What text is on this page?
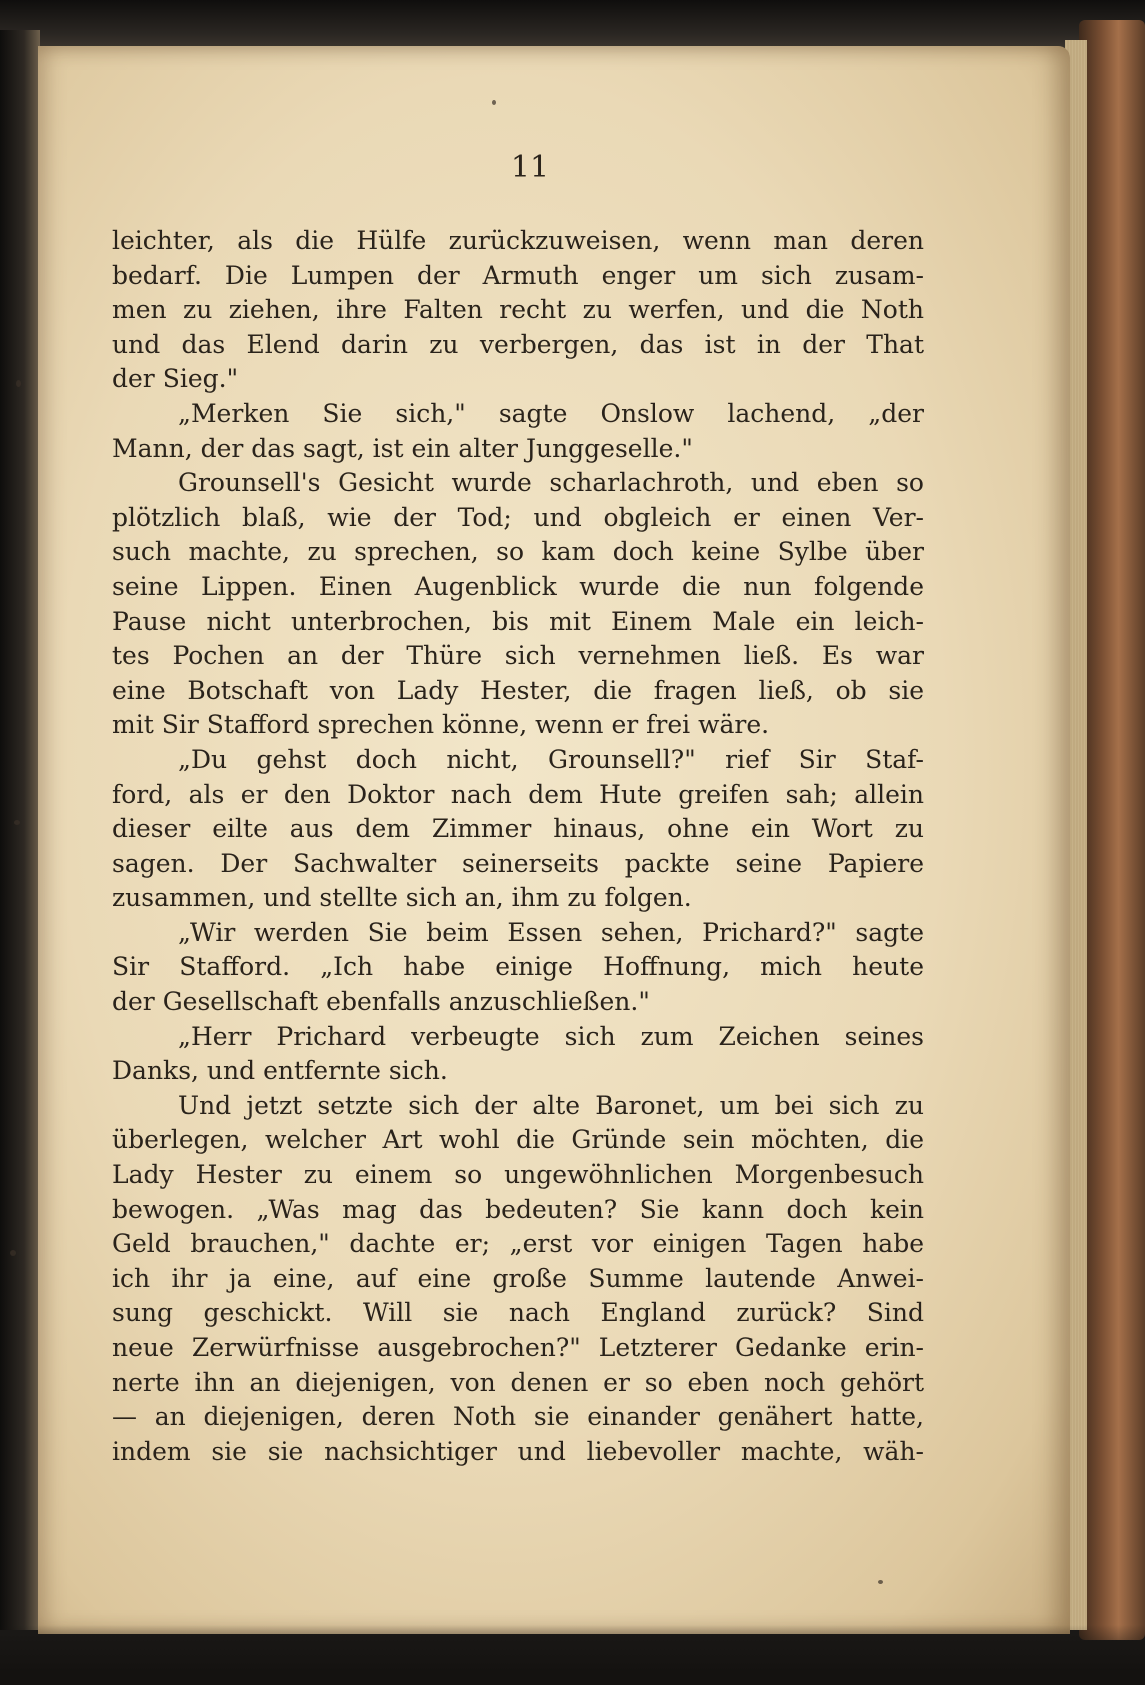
11

leichter, als die Hülfe zurückzuweisen, wenn man deren
bedarf. Die Lumpen der Armuth enger um sich zusam-
men zu ziehen, ihre Falten recht zu werfen, und die Noth
und das Elend darin zu verbergen, das ist in der That
der Sieg."
„Merken Sie sich," sagte Onslow lachend, „der
Mann, der das sagt, ist ein alter Junggeselle."
Grounsell's Gesicht wurde scharlachroth, und eben so
plötzlich blaß, wie der Tod; und obgleich er einen Ver-
such machte, zu sprechen, so kam doch keine Sylbe über
seine Lippen. Einen Augenblick wurde die nun folgende
Pause nicht unterbrochen, bis mit Einem Male ein leich-
tes Pochen an der Thüre sich vernehmen ließ. Es war
eine Botschaft von Lady Hester, die fragen ließ, ob sie
mit Sir Stafford sprechen könne, wenn er frei wäre.
„Du gehst doch nicht, Grounsell?" rief Sir Staf-
ford, als er den Doktor nach dem Hute greifen sah; allein
dieser eilte aus dem Zimmer hinaus, ohne ein Wort zu
sagen. Der Sachwalter seinerseits packte seine Papiere
zusammen, und stellte sich an, ihm zu folgen.
„Wir werden Sie beim Essen sehen, Prichard?" sagte
Sir Stafford. „Ich habe einige Hoffnung, mich heute
der Gesellschaft ebenfalls anzuschließen."
„Herr Prichard verbeugte sich zum Zeichen seines
Danks, und entfernte sich.
Und jetzt setzte sich der alte Baronet, um bei sich zu
überlegen, welcher Art wohl die Gründe sein möchten, die
Lady Hester zu einem so ungewöhnlichen Morgenbesuch
bewogen. „Was mag das bedeuten? Sie kann doch kein
Geld brauchen," dachte er; „erst vor einigen Tagen habe
ich ihr ja eine, auf eine große Summe lautende Anwei-
sung geschickt. Will sie nach England zurück? Sind
neue Zerwürfnisse ausgebrochen?" Letzterer Gedanke erin-
nerte ihn an diejenigen, von denen er so eben noch gehört
— an diejenigen, deren Noth sie einander genähert hatte,
indem sie sie nachsichtiger und liebevoller machte, wäh-
